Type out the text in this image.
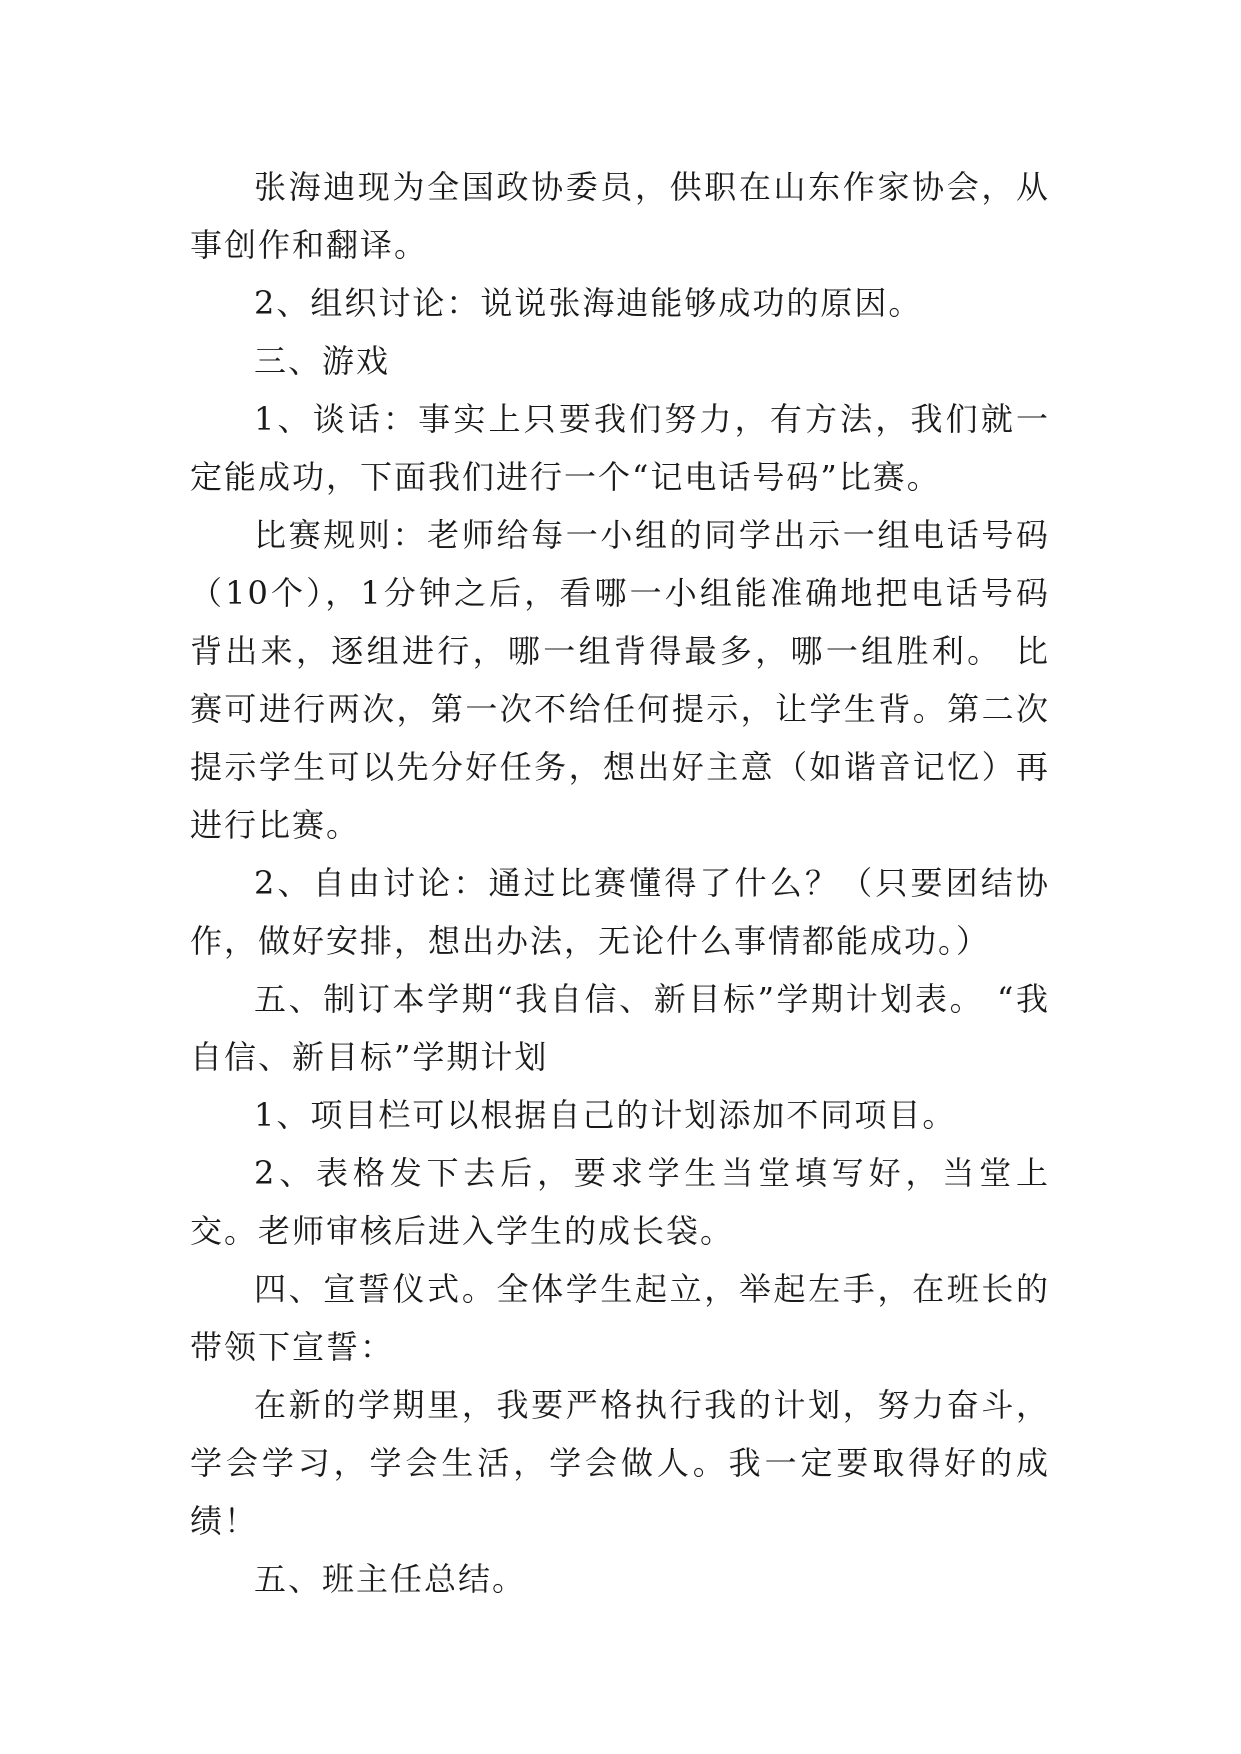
张海迪现为全国政协委员，供职在山东作家协会，从事创作和翻译。

2、组织讨论：说说张海迪能够成功的原因。

三、游戏

1、谈话：事实上只要我们努力，有方法，我们就一定能成功，下面我们进行一个“记电话号码”比赛。

比赛规则：老师给每一小组的同学出示一组电话号码（10个），1分钟之后，看哪一小组能准确地把电话号码背出来，逐组进行，哪一组背得最多，哪一组胜利。 比赛可进行两次，第一次不给任何提示，让学生背。第二次提示学生可以先分好任务，想出好主意（如谐音记忆）再进行比赛。

2、自由讨论：通过比赛懂得了什么？（只要团结协作，做好安排，想出办法，无论什么事情都能成功。）

五、制订本学期“我自信、新目标”学期计划表。 “我自信、新目标”学期计划

1、项目栏可以根据自己的计划添加不同项目。

2、表格发下去后，要求学生当堂填写好，当堂上交。老师审核后进入学生的成长袋。

四、宣誓仪式。全体学生起立，举起左手，在班长的带领下宣誓：

在新的学期里，我要严格执行我的计划，努力奋斗，学会学习，学会生活，学会做人。我一定要取得好的成绩！

五、班主任总结。
